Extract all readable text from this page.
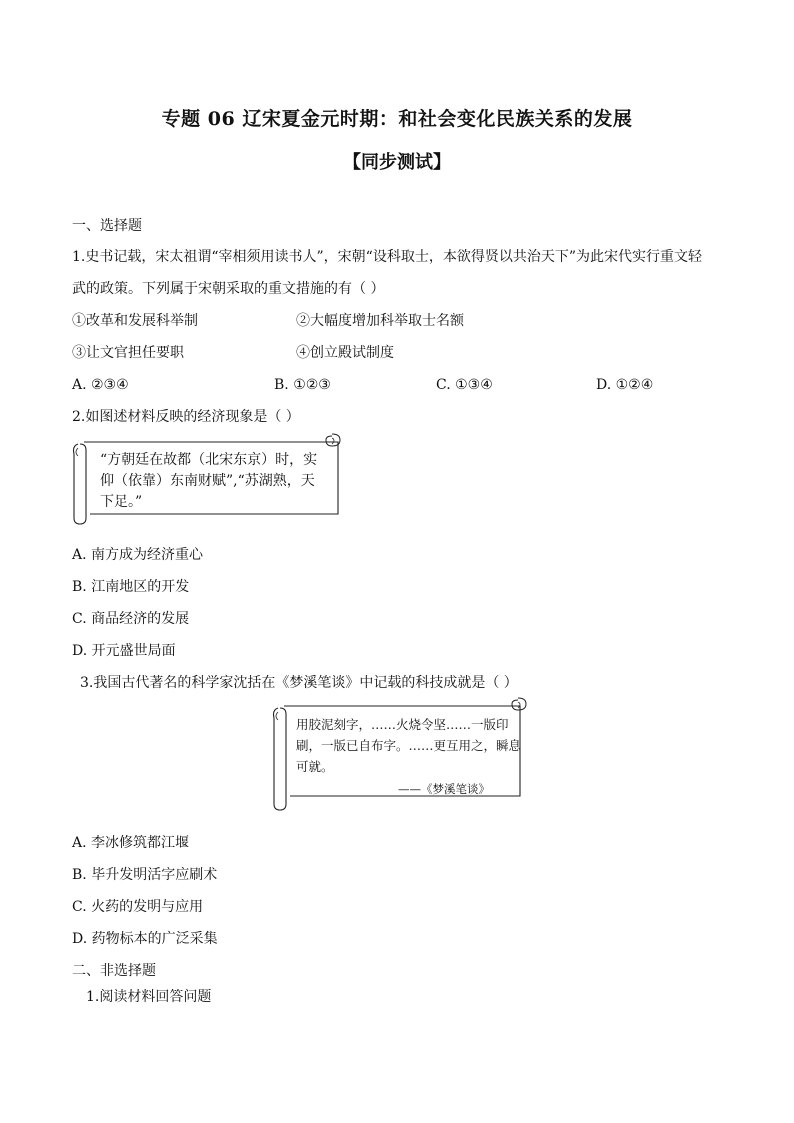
专题 06 辽宋夏金元时期：和社会变化民族关系的发展
【同步测试】
一、选择题
1.史书记载，宋太祖谓“宰相须用读书人”，宋朝“设科取士，本欲得贤以共治天下”为此宋代实行重文轻
武的政策。下列属于宋朝采取的重文措施的有（ ）
①改革和发展科举制	②大幅度增加科举取士名额
③让文官担任要职	④创立殿试制度
A. ②③④	B. ①②③	C. ①③④	D. ①②④
2.如图述材料反映的经济现象是（ ）
“方朝廷在故都（北宋东京）时，实
仰（依靠）东南财赋”,“苏湖熟，天
下足。”
A. 南方成为经济重心
B. 江南地区的开发
C. 商品经济的发展
D. 开元盛世局面
3.我国古代著名的科学家沈括在《梦溪笔谈》中记载的科技成就是（ ）
用胶泥刻字，……火烧令坚……一版印
刷，一版已自布字。……更互用之，瞬息
可就。
——《梦溪笔谈》
A. 李冰修筑都江堰
B. 毕升发明活字应刷术
C. 火药的发明与应用
D. 药物标本的广泛采集
二、非选择题
1.阅读材料回答问题
